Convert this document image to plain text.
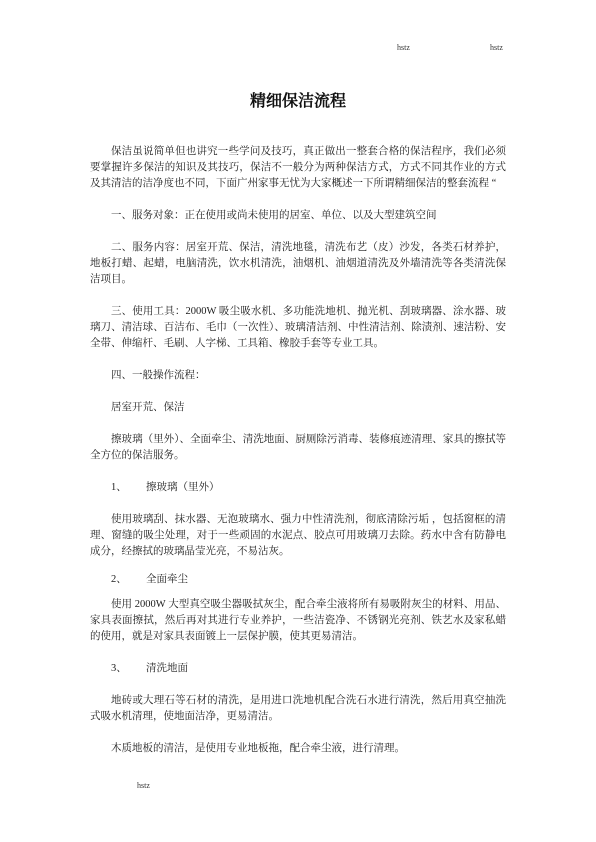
hstz	hstz
精细保洁流程

保洁虽说简单但也讲究一些学问及技巧，真正做出一整套合格的保洁程序，我们必须要掌握许多保洁的知识及其技巧，保洁不一般分为两种保洁方式，方式不同其作业的方式及其清洁的洁净度也不同，下面广州家事无忧为大家概述一下所谓精细保洁的整套流程 “

一、服务对象：正在使用或尚未使用的居室、单位、以及大型建筑空间

二、服务内容：居室开荒、保洁，清洗地毯，清洗布艺（皮）沙发，各类石材养护，地板打蜡、起蜡，电脑清洗，饮水机清洗，油烟机、油烟道清洗及外墙清洗等各类清洗保洁项目。

三、使用工具：2000W 吸尘吸水机、多功能洗地机、抛光机、刮玻璃器、涂水器、玻璃刀、清洁球、百洁布、毛巾（一次性）、玻璃清洁剂、中性清洁剂、除渍剂、速洁粉、安全带、伸缩杆、毛刷、人字梯、工具箱、橡胶手套等专业工具。

四、一般操作流程：

居室开荒、保洁

擦玻璃（里外）、全面牵尘、清洗地面、厨厕除污消毒、装修痕迹清理、家具的擦拭等全方位的保洁服务。

1、 擦玻璃（里外）

使用玻璃刮、抹水器、无泡玻璃水、强力中性清洗剂，彻底清除污垢 ，包括窗框的清理、窗缝的吸尘处理，对于一些顽固的水泥点、胶点可用玻璃刀去除。药水中含有防静电成分，经擦拭的玻璃晶莹光亮，不易沾灰。

2、 全面牵尘

使用 2000W 大型真空吸尘器吸拭灰尘，配合牵尘液将所有易吸附灰尘的材料、用品、家具表面擦拭，然后再对其进行专业养护，一些洁瓷净、不锈钢光亮剂、铁艺水及家私蜡的使用，就是对家具表面镀上一层保护膜，使其更易清洁。

3、 清洗地面

地砖或大理石等石材的清洗，是用进口洗地机配合洗石水进行清洗，然后用真空抽洗式吸水机清理，使地面洁净，更易清洁。

木质地板的清洁，是使用专业地板拖，配合牵尘液，进行清理。

hstz
